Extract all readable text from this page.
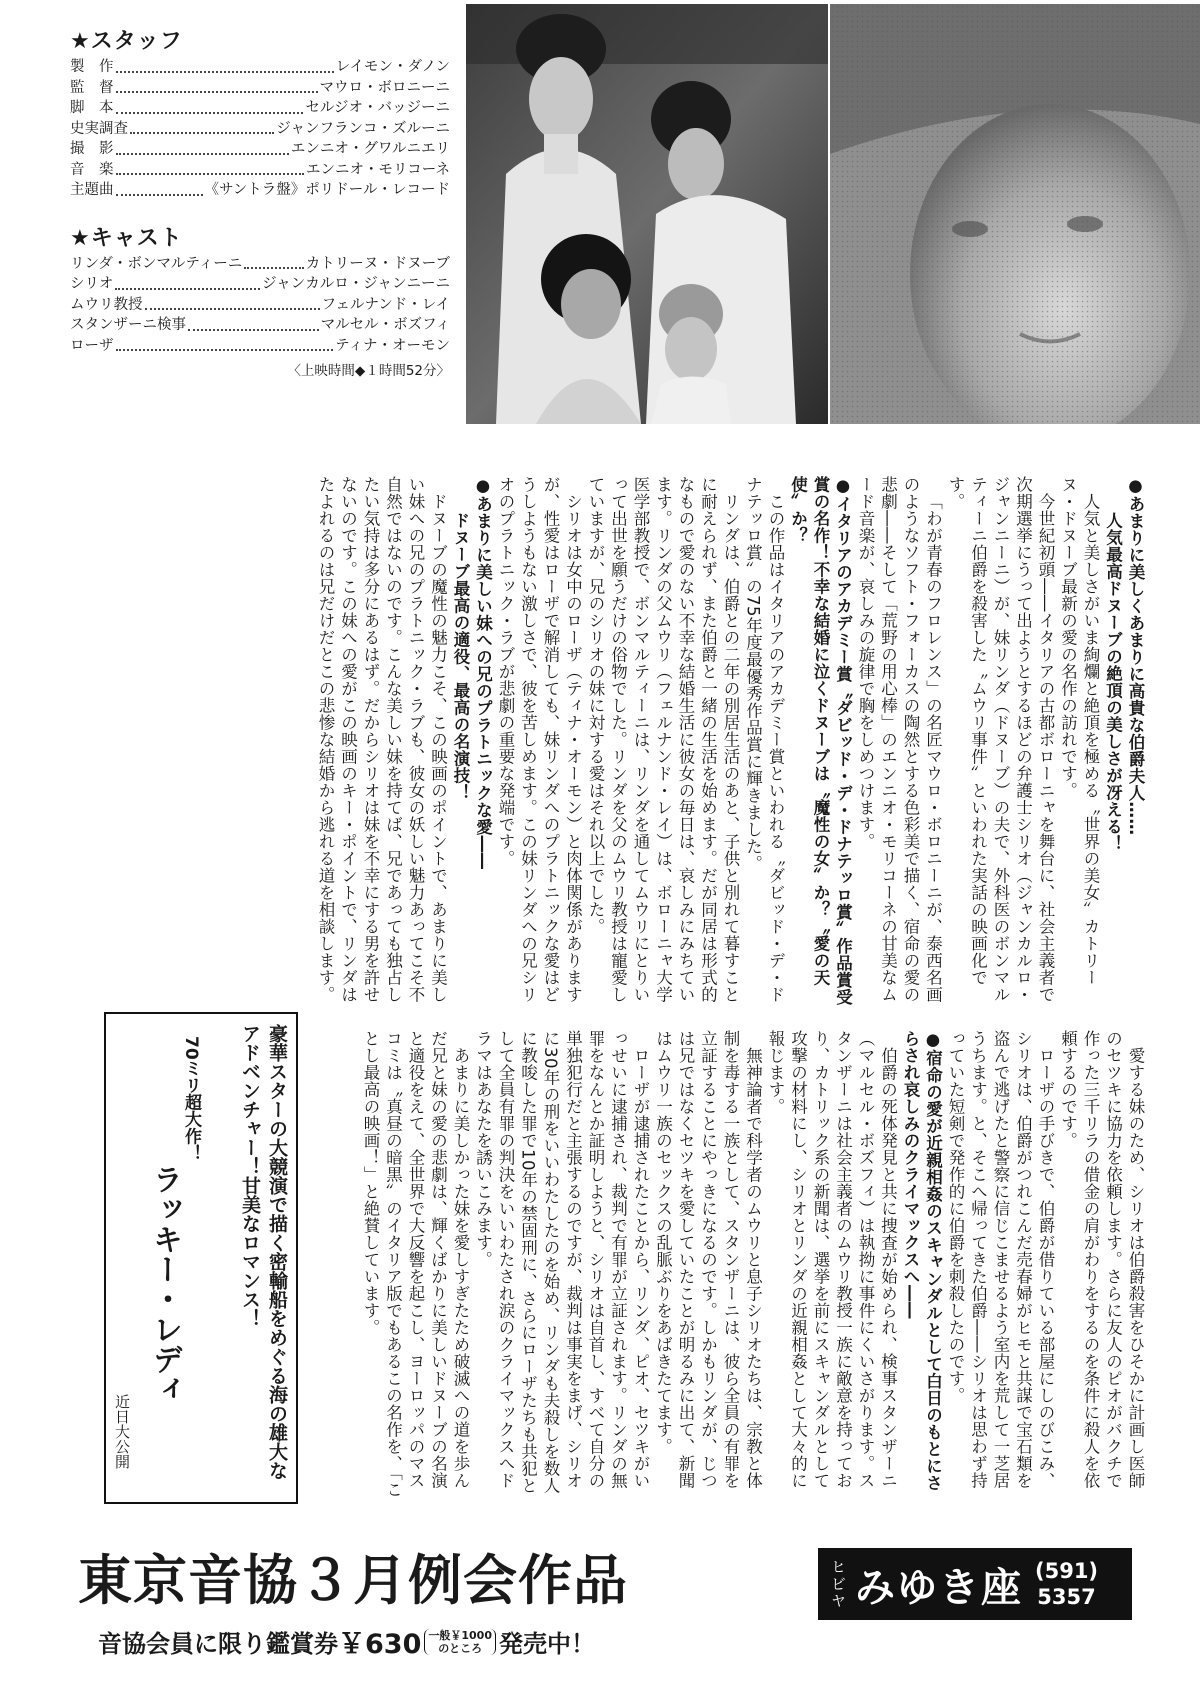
★スタッフ
製　作	レイモン・ダノン
監　督	マウロ・ボロニーニ
脚　本	セルジオ・バッジーニ
史実調査	ジャンフランコ・ズルーニ
撮　影	エンニオ・グワルニエリ
音　楽	エンニオ・モリコーネ
主題曲	《サントラ盤》ポリドール・レコード
★キャスト
リンダ・ボンマルティーニ	カトリーヌ・ドヌーブ
シリオ	ジャンカルロ・ジャンニーニ
ムウリ教授	フェルナンド・レイ
スタンザーニ検事	マルセル・ボズフィ
ローザ	ティナ・オーモン
〈上映時間◆１時間52分〉

● あまりに美しくあまりに高貴な伯爵夫人……

人気最高ドヌーブの絶頂の美しさが冴える！

人気と美しさがいま絢爛と絶頂を極める〝世界の美女〟カトリーヌ・ドヌーブ最新の愛の名作の訪れです。

今世紀初頭――イタリアの古都ボローニャを舞台に、社会主義者で次期選挙にうって出ようとするほどの弁護士シリオ（ジャンカルロ・ジャンニーニ）が、妹リンダ（ドヌーブ）の夫で、外科医のボンマルティーニ伯爵を殺害した〝ムウリ事件〟といわれた実話の映画化です。

「わが青春のフロレンス」の名匠マウロ・ボロニーニが、泰西名画のようなソフト・フォーカスの陶然とする色彩美で描く、宿命の愛の悲劇――そして「荒野の用心棒」のエンニオ・モリコーネの甘美なムード音楽が、哀しみの旋律で胸をしめつけます。

● イタリアのアカデミー賞〝ダビッド・デ・ドナテッロ賞〟作品賞受賞の名作！不幸な結婚に泣くドヌーブは〝魔性の女〟か？〝愛の天使〟か？

この作品はイタリアのアカデミー賞といわれる〝ダビッド・デ・ドナテッロ賞〟の75年度最優秀作品賞に輝きました。

リンダは、伯爵との二年の別居生活のあと、子供と別れて暮すことに耐えられず、また伯爵と一緒の生活を始めます。だが同居は形式的なもので愛のない不幸な結婚生活に彼女の毎日は、哀しみにみちています。リンダの父ムウリ（フェルナンド・レイ）は、ボローニャ大学医学部教授で、ボンマルティーニは、リンダを通してムウリにとりいって出世を願うだけの俗物でした。リンダを父のムウリ教授は寵愛していますが、兄のシリオの妹に対する愛はそれ以上でした。

シリオは女中のローザ（ティナ・オーモン）と肉体関係がありますが、性愛はローザで解消しても、妹リンダへのプラトニックな愛はどうしようもない激しさで、彼を苦しめます。この妹リンダへの兄シリオのプラトニック・ラブが悲劇の重要な発端です。

● あまりに美しい妹への兄のプラトニックな愛――

ドヌーブ最高の適役、最高の名演技！

ドヌーブの魔性の魅力こそ、この映画のポイントで、あまりに美しい妹への兄のプラトニック・ラブも、彼女の妖しい魅力あってこそ不自然ではないのです。こんな美しい妹を持てば、兄であっても独占したい気持は多分にあるはず。だからシリオは妹を不幸にする男を許せないのです。この妹への愛がこの映画のキー・ポイントで、リンダはたよれるのは兄だけだとこの悲惨な結婚から逃れる道を相談します。

愛する妹のため、シリオは伯爵殺害をひそかに計画し医師のセツキに協力を依頼します。さらに友人のピオがバクチで作った三千リラの借金の肩がわりをするのを条件に殺人を依頼するのです。

ローザの手びきで、伯爵が借りている部屋にしのびこみ、シリオは、伯爵がつれこんだ売春婦がヒモと共謀で宝石類を盗んで逃げたと警察に信じこませるよう室内を荒して一芝居うちます。と、そこへ帰ってきた伯爵――シリオは思わず持っていた短剣で発作的に伯爵を刺殺したのです。

● 宿命の愛が近親相姦のスキャンダルとして白日のもとにさらされ哀しみのクライマックスへ――

伯爵の死体発見と共に捜査が始められ、検事スタンザーニ（マルセル・ボズフィ）は執拗に事件にくいさがります。スタンザーニは社会主義者のムウリ教授一族に敵意を持っており、カトリック系の新聞は、選挙を前にスキャンダルとして攻撃の材料にし、シリオとリンダの近親相姦として大々的に報じます。

無神論者で科学者のムウリと息子シリオたちは、宗教と体制を毒する一族として、スタンザーニは、彼ら全員の有罪を立証することにやっきになるのです。しかもリンダが、じつは兄ではなくセツキを愛していたことが明るみに出て、新聞はムウリ一族のセックスの乱脈ぶりをあばきたてます。

ローザが逮捕されたことから、リンダ、ピオ、セツキがいっせいに逮捕され、裁判で有罪が立証されます。リンダの無罪をなんとか証明しようと、シリオは自首し、すべて自分の単独犯行だと主張するのですが、裁判は事実をまげ、シリオに30年の刑をいいわたしたのを始め、リンダも夫殺しを数人に教唆した罪で10年の禁固刑に、さらにローザたちも共犯として全員有罪の判決をいいわたされ涙のクライマックスへドラマはあなたを誘いこみます。

あまりに美しかった妹を愛しすぎたため破滅への道を歩んだ兄と妹の愛の悲劇は、輝くばかりに美しいドヌーブの名演と適役をえて、全世界で大反響を起こし、ヨーロッパのマスコミは〝真昼の暗黒〟のイタリア版でもあるこの名作を、「ことし最高の映画！」と絶賛しています。

豪華スターの大競演で描く密輸船をめぐる海の雄大なアドベンチャー！甘美なロマンス！
70ミリ超大作！
ラッキー・レディ
近日大公開
東京音協３月例会作品	ヒビヤ みゆき座 (591)
5357
音協会員に限り鑑賞券 ￥630 一般￥1000
のところ 発売中！
